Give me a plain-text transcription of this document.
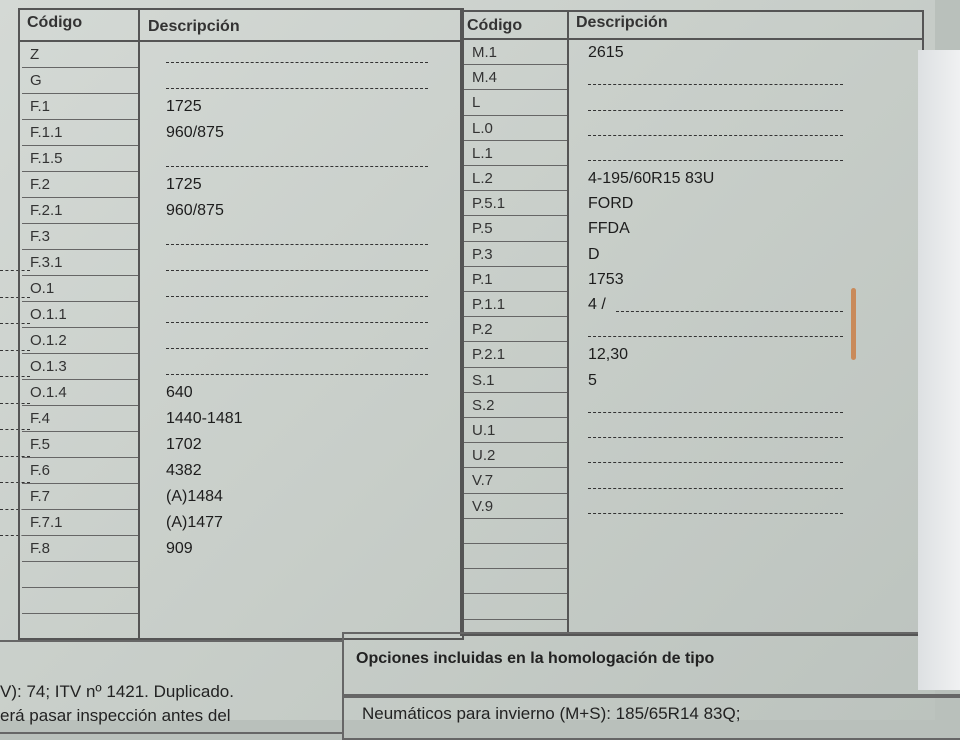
Código	Descripción
Z
G
F.1	1725
F.1.1	960/875
F.1.5
F.2	1725
F.2.1	960/875
F.3
F.3.1
O.1
O.1.1
O.1.2
O.1.3
O.1.4	640
F.4	1440-1481
F.5	1702
F.6	4382
F.7	(A)1484
F.7.1	(A)1477
F.8	909
Código	Descripción
M.1	2615
M.4
L
L.0
L.1
L.2	4-195/60R15 83U
P.5.1	FORD
P.5	FFDA
P.3	D
P.1	1753
P.1.1	4 /
P.2
P.2.1	12,30
S.1	5
S.2
U.1
U.2
V.7
V.9
V): 74; ITV nº 1421. Duplicado.
erá pasar inspección antes del
Opciones incluidas en la homologación de tipo
Neumáticos para invierno (M+S): 185/65R14 83Q;
